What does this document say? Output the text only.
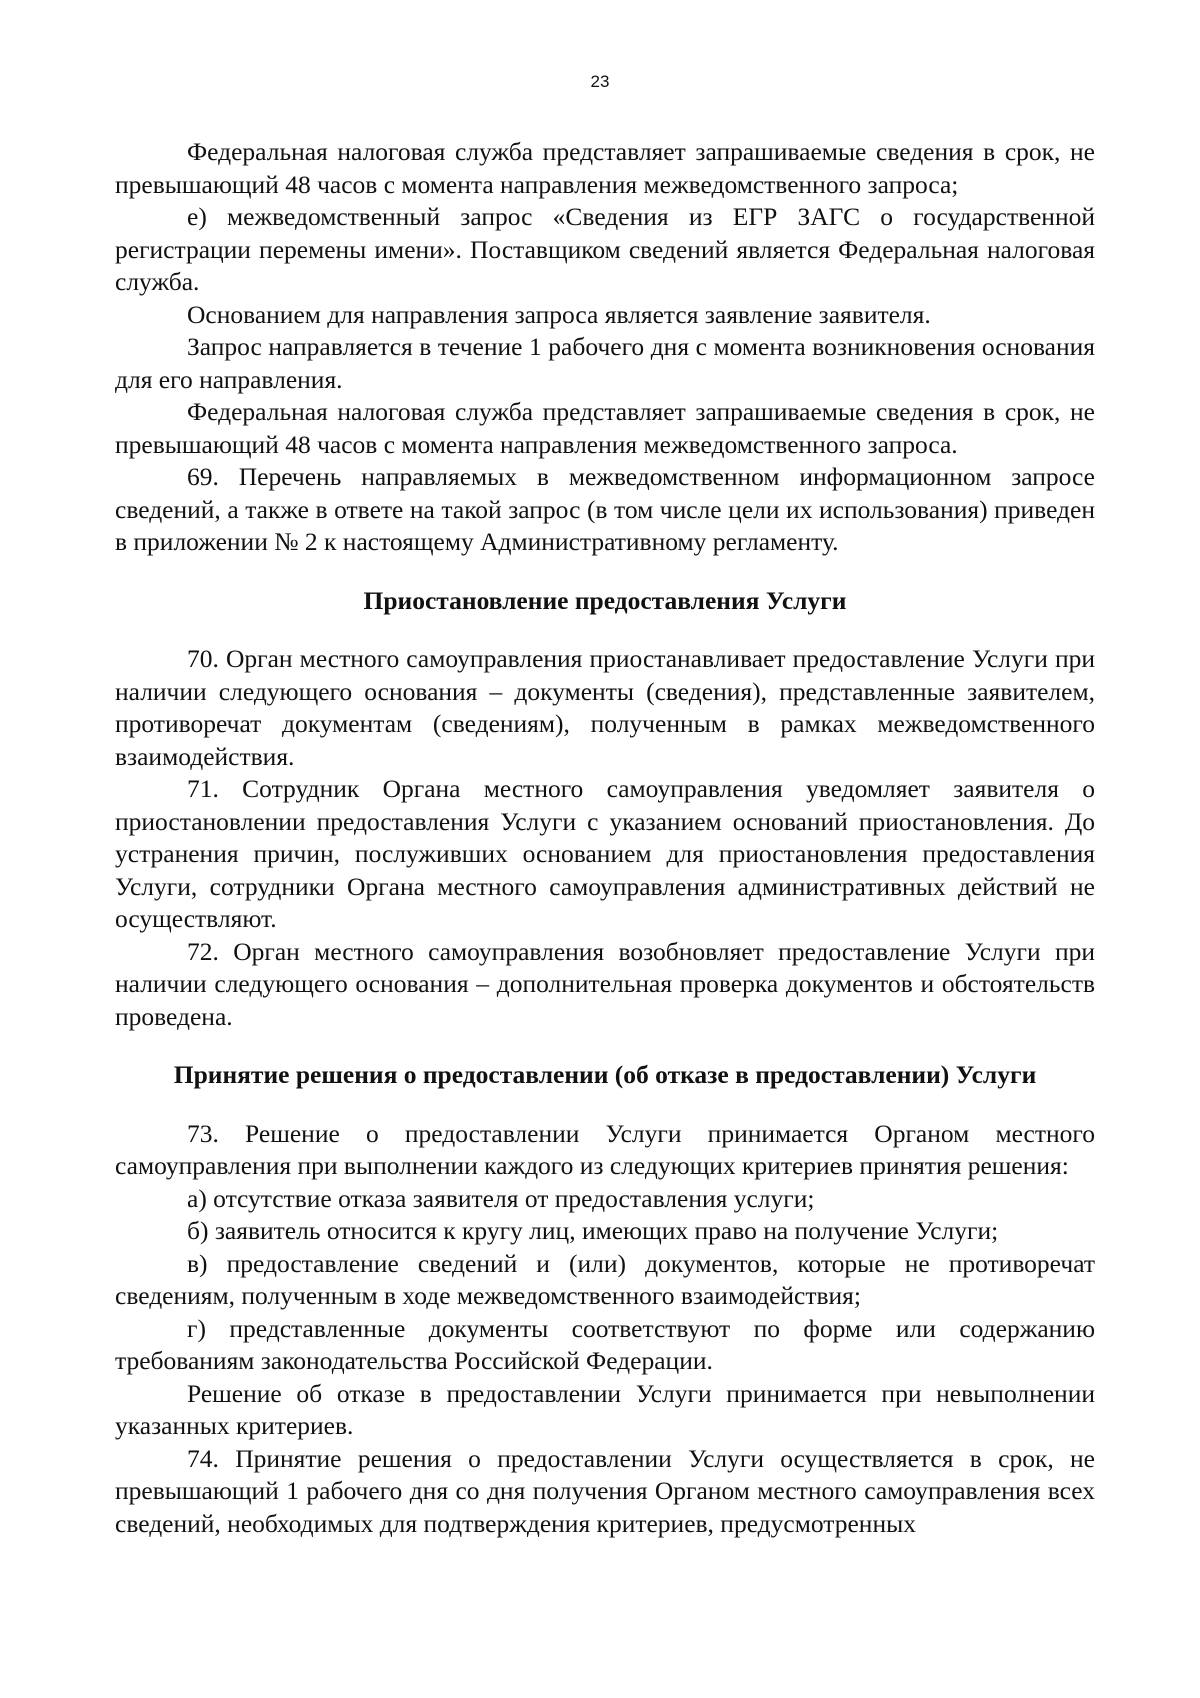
23

Федеральная налоговая служба представляет запрашиваемые сведения в срок, не превышающий 48 часов с момента направления межведомственного запроса;

е) межведомственный запрос «Сведения из ЕГР ЗАГС о государственной регистрации перемены имени». Поставщиком сведений является Федеральная налоговая служба.

Основанием для направления запроса является заявление заявителя.

Запрос направляется в течение 1 рабочего дня с момента возникновения основания для его направления.

Федеральная налоговая служба представляет запрашиваемые сведения в срок, не превышающий 48 часов с момента направления межведомственного запроса.

69. Перечень направляемых в межведомственном информационном запросе сведений, а также в ответе на такой запрос (в том числе цели их использования) приведен в приложении № 2 к настоящему Административному регламенту.

Приостановление предоставления Услуги

70. Орган местного самоуправления приостанавливает предоставление Услуги при наличии следующего основания – документы (сведения), представленные заявителем, противоречат документам (сведениям), полученным в рамках межведомственного взаимодействия.

71. Сотрудник Органа местного самоуправления уведомляет заявителя о приостановлении предоставления Услуги с указанием оснований приостановления. До устранения причин, послуживших основанием для приостановления предоставления Услуги, сотрудники Органа местного самоуправления административных действий не осуществляют.

72. Орган местного самоуправления возобновляет предоставление Услуги при наличии следующего основания – дополнительная проверка документов и обстоятельств проведена.

Принятие решения о предоставлении (об отказе в предоставлении) Услуги

73. Решение о предоставлении Услуги принимается Органом местного самоуправления при выполнении каждого из следующих критериев принятия решения:

а) отсутствие отказа заявителя от предоставления услуги;

б) заявитель относится к кругу лиц, имеющих право на получение Услуги;

в) предоставление сведений и (или) документов, которые не противоречат сведениям, полученным в ходе межведомственного взаимодействия;

г) представленные документы соответствуют по форме или содержанию требованиям законодательства Российской Федерации.

Решение об отказе в предоставлении Услуги принимается при невыполнении указанных критериев.

74. Принятие решения о предоставлении Услуги осуществляется в срок, не превышающий 1 рабочего дня со дня получения Органом местного самоуправления всех сведений, необходимых для подтверждения критериев, предусмотренных
